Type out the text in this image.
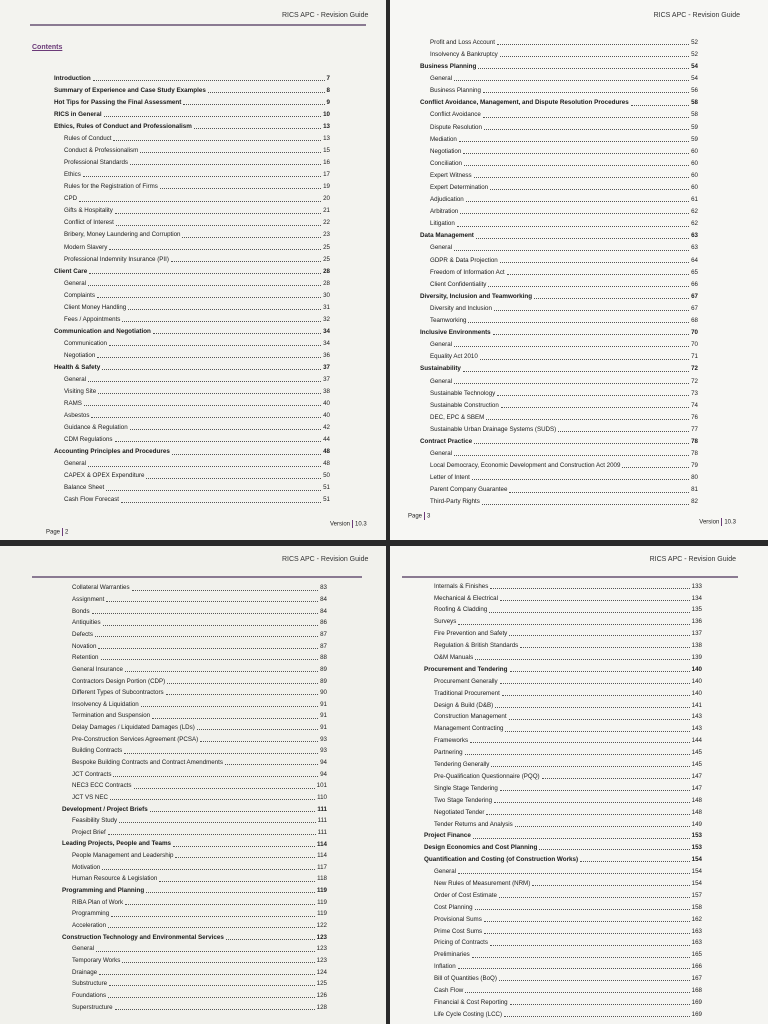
RICS APC - Revision Guide
Contents
Introduction	7
Summary of Experience and Case Study Examples	8
Hot Tips for Passing the Final Assessment	9
RICS in General	10
Ethics, Rules of Conduct and Professionalism	13
Rules of Conduct	13
Conduct & Professionalism	15
Professional Standards	16
Ethics	17
Rules for the Registration of Firms	19
CPD	20
Gifts & Hospitality	21
Conflict of Interest	22
Bribery, Money Laundering and Corruption	23
Modern Slavery	25
Professional Indemnity Insurance (PII)	25
Client Care	28
General	28
Complaints	30
Client Money Handling	31
Fees / Appointments	32
Communication and Negotiation	34
Communication	34
Negotiation	36
Health & Safety	37
General	37
Visiting Site	38
RAMS	40
Asbestos	40
Guidance & Regulation	42
CDM Regulations	44
Accounting Principles and Procedures	48
General	48
CAPEX & OPEX Expenditure	50
Balance Sheet	51
Cash Flow Forecast	51
Page 2
Version 10.3
RICS APC - Revision Guide
Profit and Loss Account	52
Insolvency & Bankruptcy	52
Business Planning	54
General	54
Business Planning	56
Conflict Avoidance, Management, and Dispute Resolution Procedures	58
Conflict Avoidance	58
Dispute Resolution	59
Mediation	59
Negotiation	60
Conciliation	60
Expert Witness	60
Expert Determination	60
Adjudication	61
Arbitration	62
Litigation	62
Data Management	63
General	63
GDPR & Data Projection	64
Freedom of Information Act	65
Client Confidentiality	66
Diversity, Inclusion and Teamworking	67
Diversity and Inclusion	67
Teamworking	68
Inclusive Environments	70
General	70
Equality Act 2010	71
Sustainability	72
General	72
Sustainable Technology	73
Sustainable Construction	74
DEC, EPC & SBEM	76
Sustainable Urban Drainage Systems (SUDS)	77
Contract Practice	78
General	78
Local Democracy, Economic Development and Construction Act 2009	79
Letter of Intent	80
Parent Company Guarantee	81
Third-Party Rights	82
Page 3
Version 10.3
RICS APC - Revision Guide
Collateral Warranties	83
Assignment	84
Bonds	84
Antiquities	86
Defects	87
Novation	87
Retention	88
General Insurance	89
Contractors Design Portion (CDP)	89
Different Types of Subcontractors	90
Insolvency & Liquidation	91
Termination and Suspension	91
Delay Damages / Liquidated Damages (LDs)	91
Pre-Construction Services Agreement (PCSA)	93
Building Contracts	93
Bespoke Building Contracts and Contract Amendments	94
JCT Contracts	94
NEC3 ECC Contracts	101
JCT VS NEC	110
Development / Project Briefs	111
Feasibility Study	111
Project Brief	111
Leading Projects, People and Teams	114
People Management and Leadership	114
Motivation	117
Human Resource & Legislation	118
Programming and Planning	119
RIBA Plan of Work	119
Programming	119
Acceleration	122
Construction Technology and Environmental Services	123
General	123
Temporary Works	123
Drainage	124
Substructure	125
Foundations	126
Superstructure	128
RICS APC - Revision Guide
Internals & Finishes	133
Mechanical & Electrical	134
Roofing & Cladding	135
Surveys	136
Fire Prevention and Safety	137
Regulation & British Standards	138
O&M Manuals	139
Procurement and Tendering	140
Procurement Generally	140
Traditional Procurement	140
Design & Build (D&B)	141
Construction Management	143
Management Contracting	143
Frameworks	144
Partnering	145
Tendering Generally	145
Pre-Qualification Questionnaire (PQQ)	147
Single Stage Tendering	147
Two Stage Tendering	148
Negotiated Tender	148
Tender Returns and Analysis	149
Project Finance	153
Design Economics and Cost Planning	153
Quantification and Costing (of Construction Works)	154
General	154
New Rules of Measurement (NRM)	154
Order of Cost Estimate	157
Cost Planning	158
Provisional Sums	162
Prime Cost Sums	163
Pricing of Contracts	163
Preliminaries	165
Inflation	166
Bill of Quantities (BoQ)	167
Cash Flow	168
Financial & Cost Reporting	169
Life Cycle Costing (LCC)	169
